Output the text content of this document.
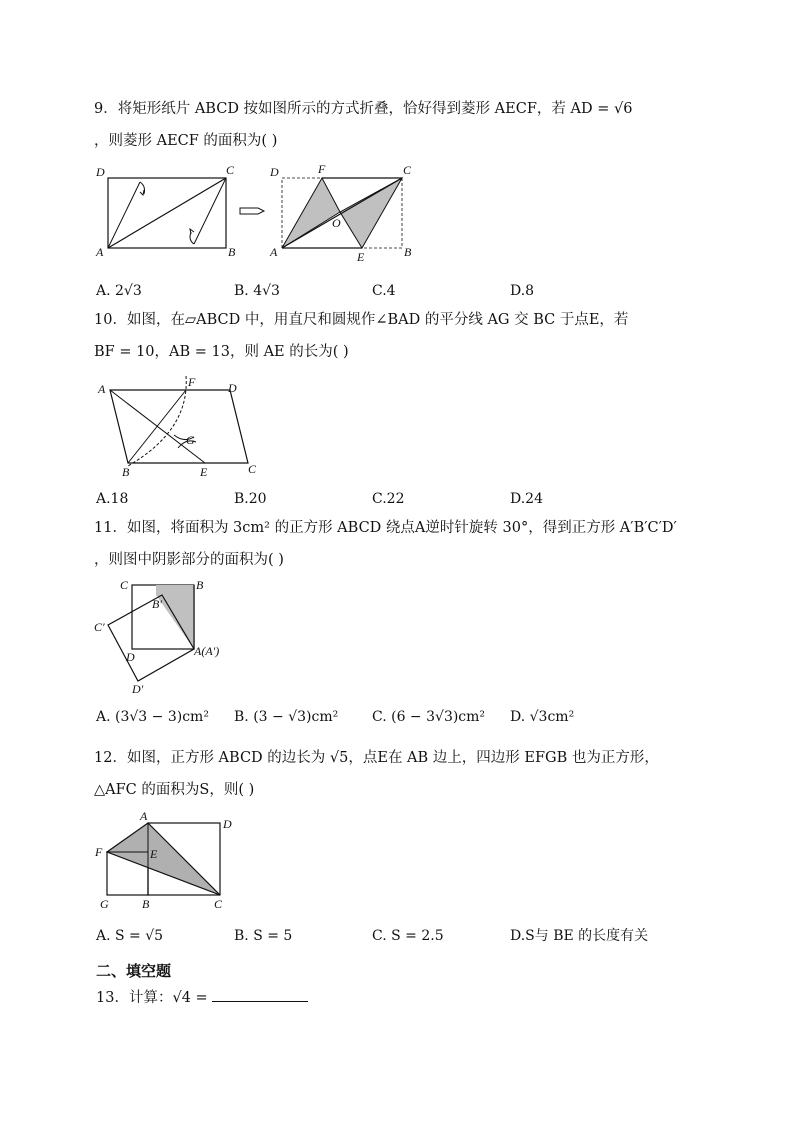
9．将矩形纸片 ABCD 按如图所示的方式折叠，恰好得到菱形 AECF，若 AD = √6
，则菱形 AECF 的面积为( )
D	C
A	B
D	F	C
O
A	E	B
A. 2√3	B. 4√3	C.4	D.8
10．如图，在▱ABCD 中，用直尺和圆规作∠BAD 的平分线 AG 交 BC 于点E，若
BF = 10，AB = 13，则 AE 的长为( )
A	F	D
G
B	E	C
A.18	B.20	C.22	D.24
11．如图，将面积为 3cm² 的正方形 ABCD 绕点A逆时针旋转 30°，得到正方形 A′B′C′D′
，则图中阴影部分的面积为( )
C	B
B′
C′
D	A(A′)
D′
A. (3√3 − 3)cm² B. (3 − √3)cm² C. (6 − 3√3)cm² D. √3cm²
12．如图，正方形 ABCD 的边长为 √5，点E在 AB 边上，四边形 EFGB 也为正方形，
△AFC 的面积为S，则( )
A
D
F	E
G	B	C
A. S = √5	B. S = 5	C. S = 2.5	D.S与 BE 的长度有关
二、填空题
13．计算：√4 =
